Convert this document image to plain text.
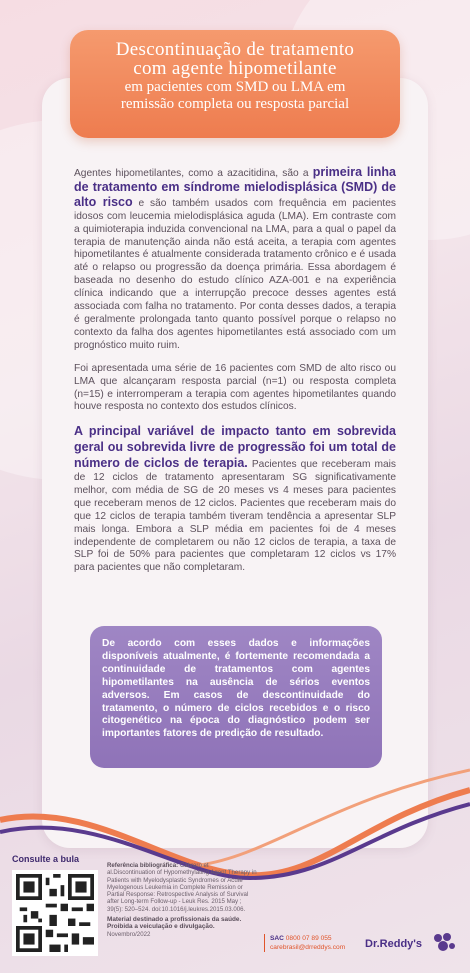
Descontinuação de tratamento
com agente hipometilante
em pacientes com SMD ou LMA em
remissão completa ou resposta parcial

Agentes hipometilantes, como a azacitidina, são a primeira linha de tratamento em síndrome mielodisplásica (SMD) de alto risco e são também usados com frequência em pacientes idosos com leucemia mielodisplásica aguda (LMA). Em contraste com a quimioterapia induzida convencional na LMA, para a qual o papel da terapia de manutenção ainda não está aceita, a terapia com agentes hipometilantes é atualmente considerada tratamento crônico e é usada até o relapso ou progressão da doença primária. Essa abordagem é baseada no desenho do estudo clínico AZA-001 e na experiência clínica indicando que a interrupção precoce desses agentes está associada com falha no tratamento. Por conta desses dados, a terapia é geralmente prolongada tanto quanto possível porque o relapso no contexto da falha dos agentes hipometilantes está associado com um prognóstico muito ruim.

Foi apresentada uma série de 16 pacientes com SMD de alto risco ou LMA que alcançaram resposta parcial (n=1) ou resposta completa (n=15) e interromperam a terapia com agentes hipometilantes quando houve resposta no contexto dos estudos clínicos.

A principal variável de impacto tanto em sobrevida geral ou sobrevida livre de progressão foi um total de número de ciclos de terapia. Pacientes que receberam mais de 12 ciclos de tratamento apresentaram SG significativamente melhor, com média de SG de 20 meses vs 4 meses para pacientes que receberam menos de 12 ciclos. Pacientes que receberam mais do que 12 ciclos de terapia também tiveram tendência a apresentar SLP mais longa. Embora a SLP média em pacientes foi de 4 meses independente de completarem ou não 12 ciclos de terapia, a taxa de SLP foi de 50% para pacientes que completaram 12 ciclos vs 17% para pacientes que não completaram.

De acordo com esses dados e informações disponíveis atualmente, é fortemente recomendada a continuidade de tratamentos com agentes hipometilantes na ausência de sérios eventos adversos. Em casos de descontinuidade do tratamento, o número de ciclos recebidos e o risco citogenético na época do diagnóstico podem ser importantes fatores de predição de resultado.
Consulte a bula
Referência bibliográfica: Cabrero et al.Discontinuation of Hypomethylating Agent Therapy in Patients with Myelodysplastic Syndromes or Acute Myelogenous Leukemia in Complete Remission or Partial Response: Retrospective Analysis of Survival after Long-term Follow-up - Leuk Res. 2015 May ; 39(5): 520–524. doi:10.1016/j.leukres.2015.03.006.
Material destinado a profissionais da saúde. Proibida a veiculação e divulgação.
Novembro/2022
SAC 0800 07 89 055
carebrasil@drreddys.com Dr.Reddy's
